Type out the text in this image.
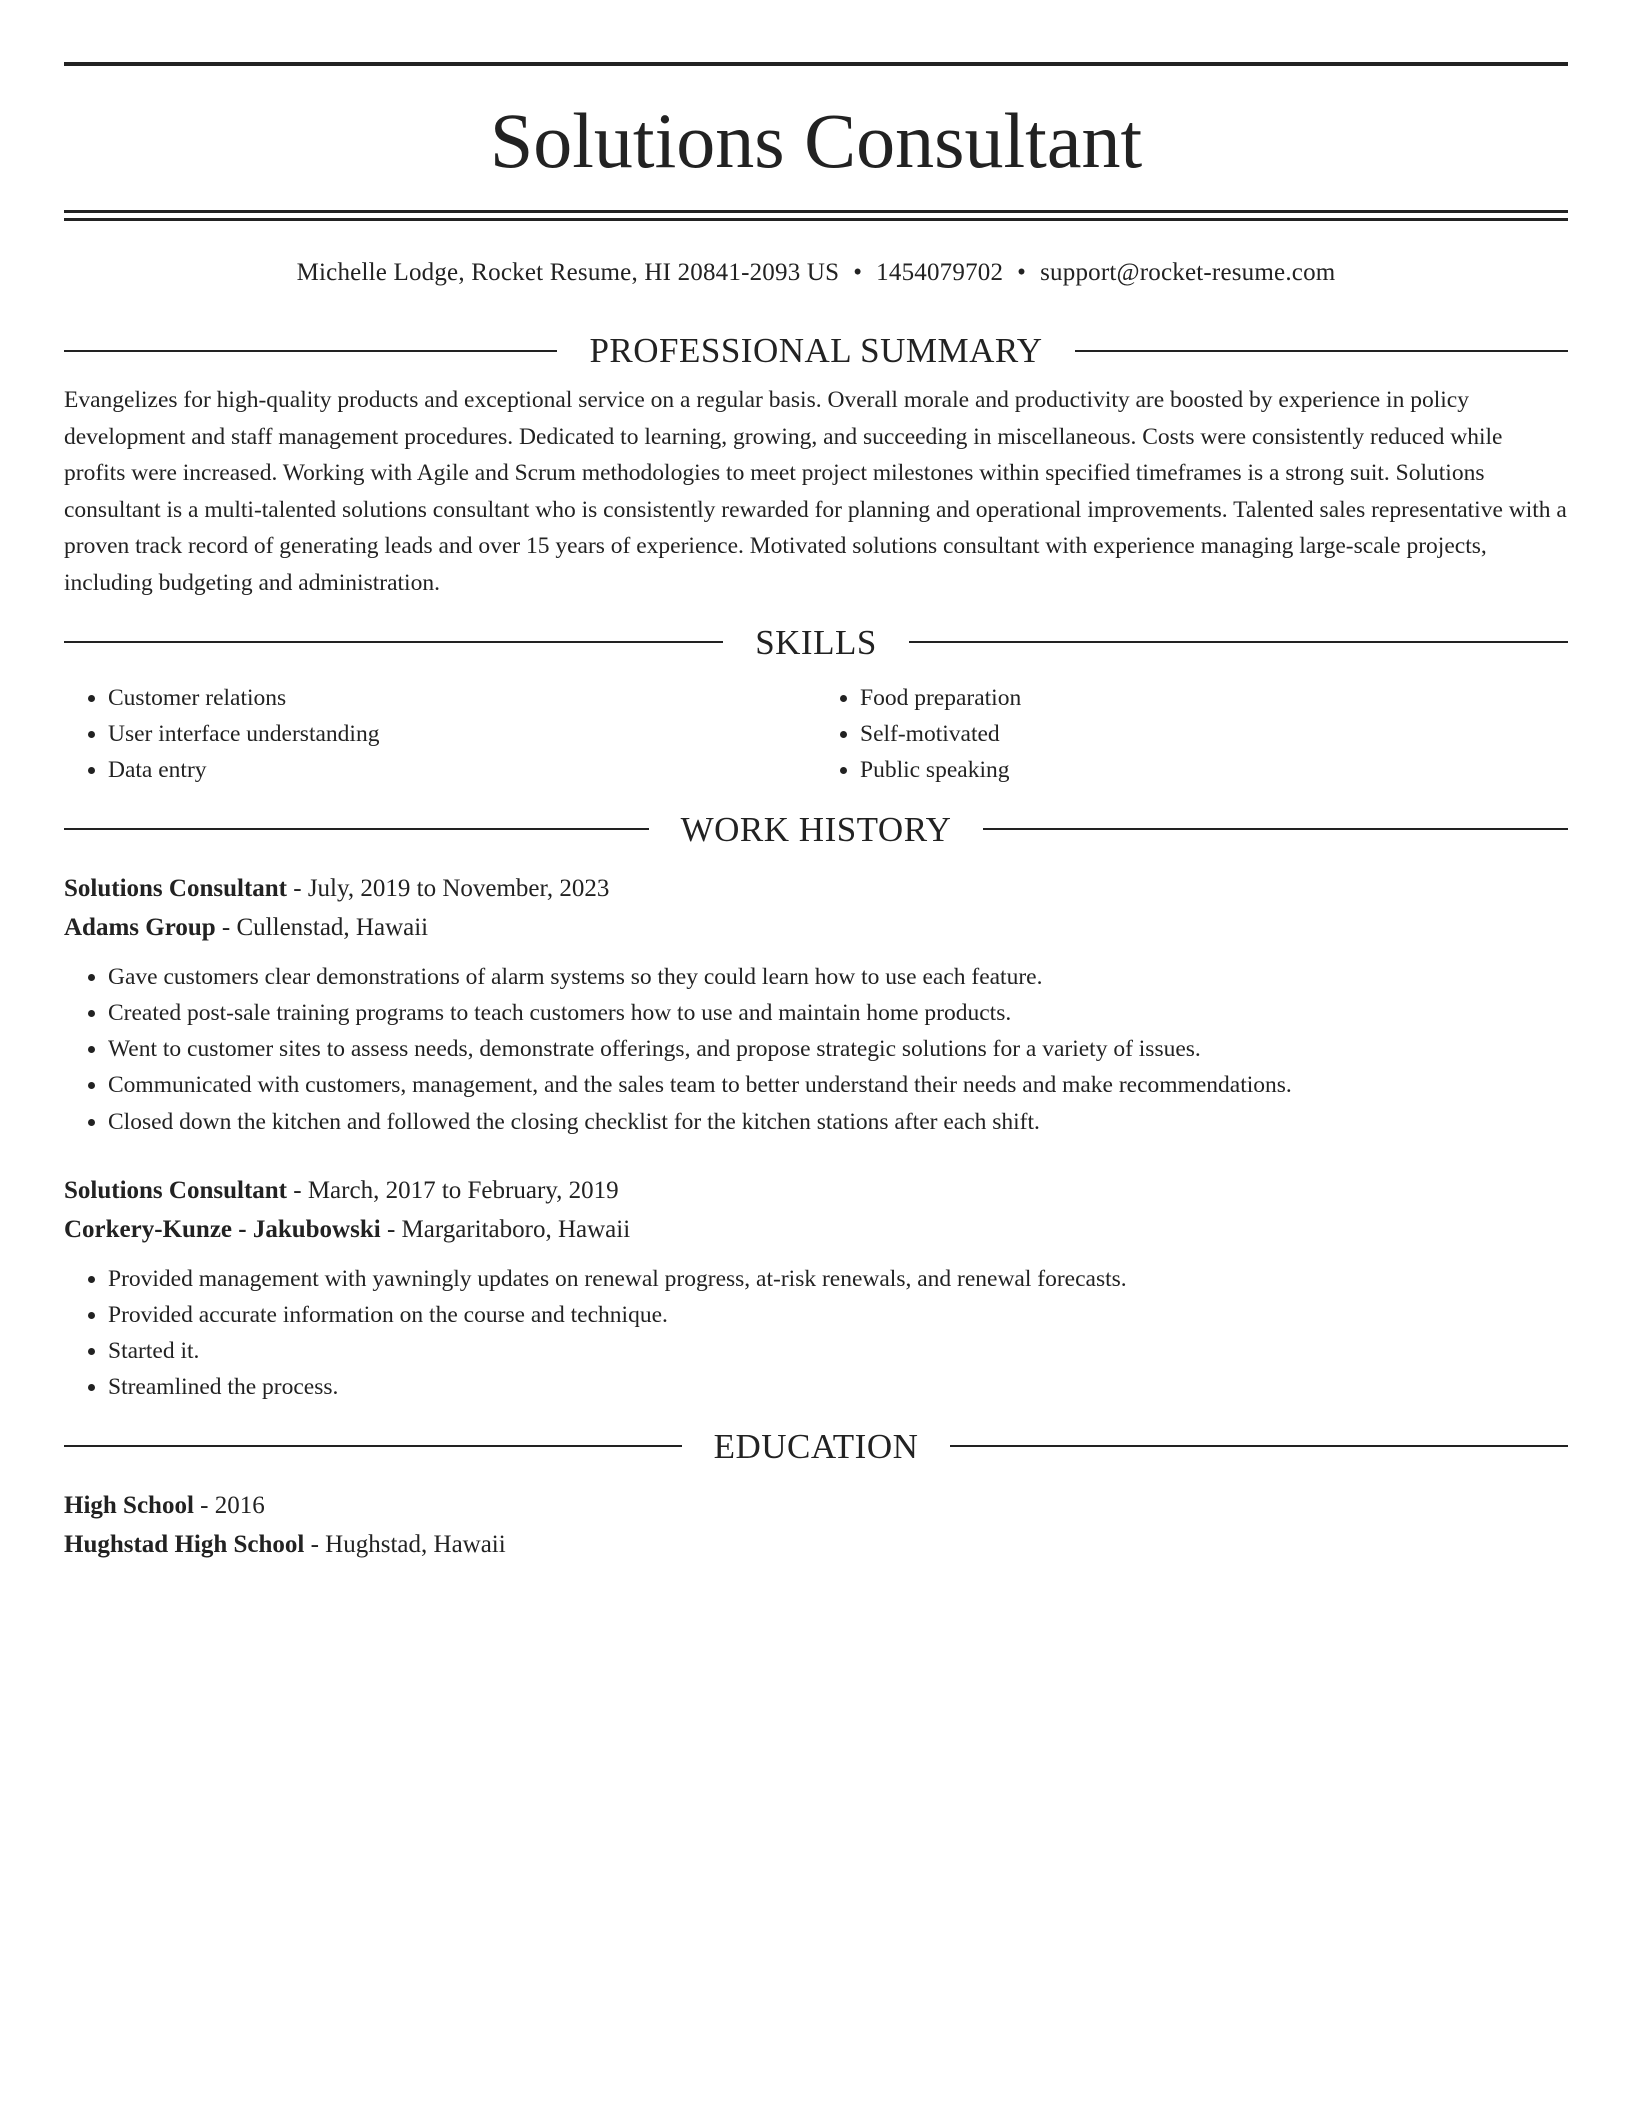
Solutions Consultant
Michelle Lodge, Rocket Resume, HI 20841-2093 US • 1454079702 • support@rocket-resume.com
PROFESSIONAL SUMMARY

Evangelizes for high-quality products and exceptional service on a regular basis. Overall morale and productivity are boosted by experience in policy development and staff management procedures. Dedicated to learning, growing, and succeeding in miscellaneous. Costs were consistently reduced while profits were increased. Working with Agile and Scrum methodologies to meet project milestones within specified timeframes is a strong suit. Solutions consultant is a multi-talented solutions consultant who is consistently rewarded for planning and operational improvements. Talented sales representative with a proven track record of generating leads and over 15 years of experience. Motivated solutions consultant with experience managing large-scale projects, including budgeting and administration.

SKILLS
• Customer relations
• User interface understanding
• Data entry
• Food preparation
• Self-motivated
• Public speaking
WORK HISTORY
Solutions Consultant - July, 2019 to November, 2023
Adams Group - Cullenstad, Hawaii
• Gave customers clear demonstrations of alarm systems so they could learn how to use each feature.
• Created post-sale training programs to teach customers how to use and maintain home products.
• Went to customer sites to assess needs, demonstrate offerings, and propose strategic solutions for a variety of issues.
• Communicated with customers, management, and the sales team to better understand their needs and make recommendations.
• Closed down the kitchen and followed the closing checklist for the kitchen stations after each shift.
Solutions Consultant - March, 2017 to February, 2019
Corkery-Kunze - Jakubowski - Margaritaboro, Hawaii
• Provided management with yawningly updates on renewal progress, at-risk renewals, and renewal forecasts.
• Provided accurate information on the course and technique.
• Started it.
• Streamlined the process.
EDUCATION
High School - 2016
Hughstad High School - Hughstad, Hawaii
